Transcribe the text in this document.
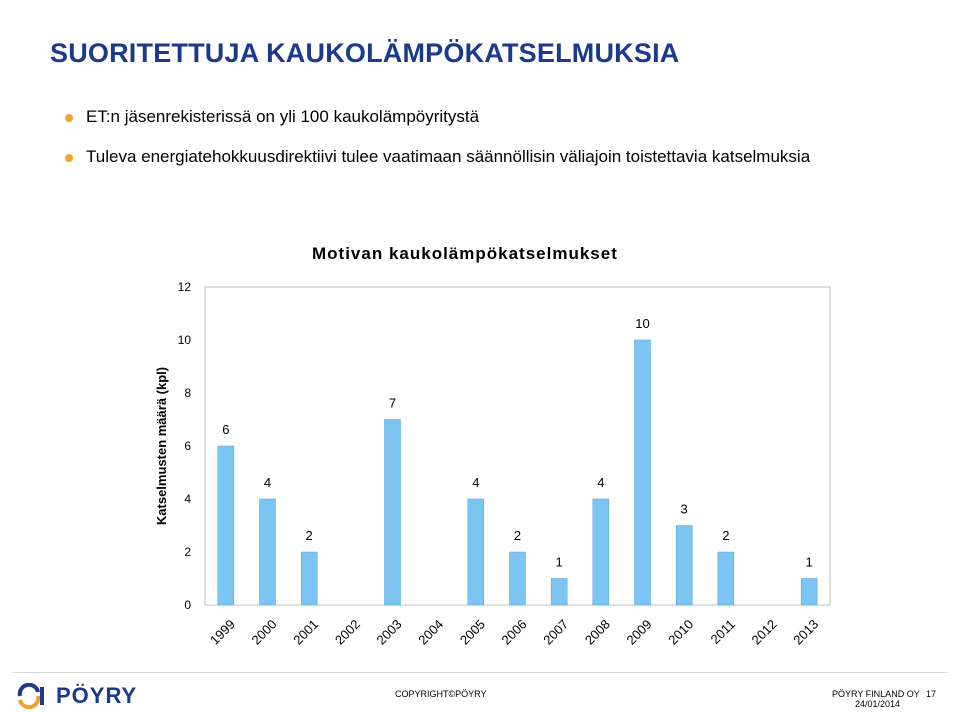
SUORITETTUJA KAUKOLÄMPÖKATSELMUKSIA
ET:n jäsenrekisterissä on yli 100 kaukolämpöyritystä
Tuleva energiatehokkuusdirektiivi tulee vaatimaan säännöllisin väliajoin toistettavia katselmuksia
Motivan kaukolämpökatselmukset
0
2
4
6
8
10
12
Katselmusten määrä (kpl)	6
1999
4
2000
2
2001 2002
7
2003 2004
4
2005
2
2006
1
2007
4
2008
10
2009
3
2010
2
2011 2012
1
2013
PÖYRY	COPYRIGHT©PÖYRY	PÖYRY FINLAND OY 17
24/01/2014
